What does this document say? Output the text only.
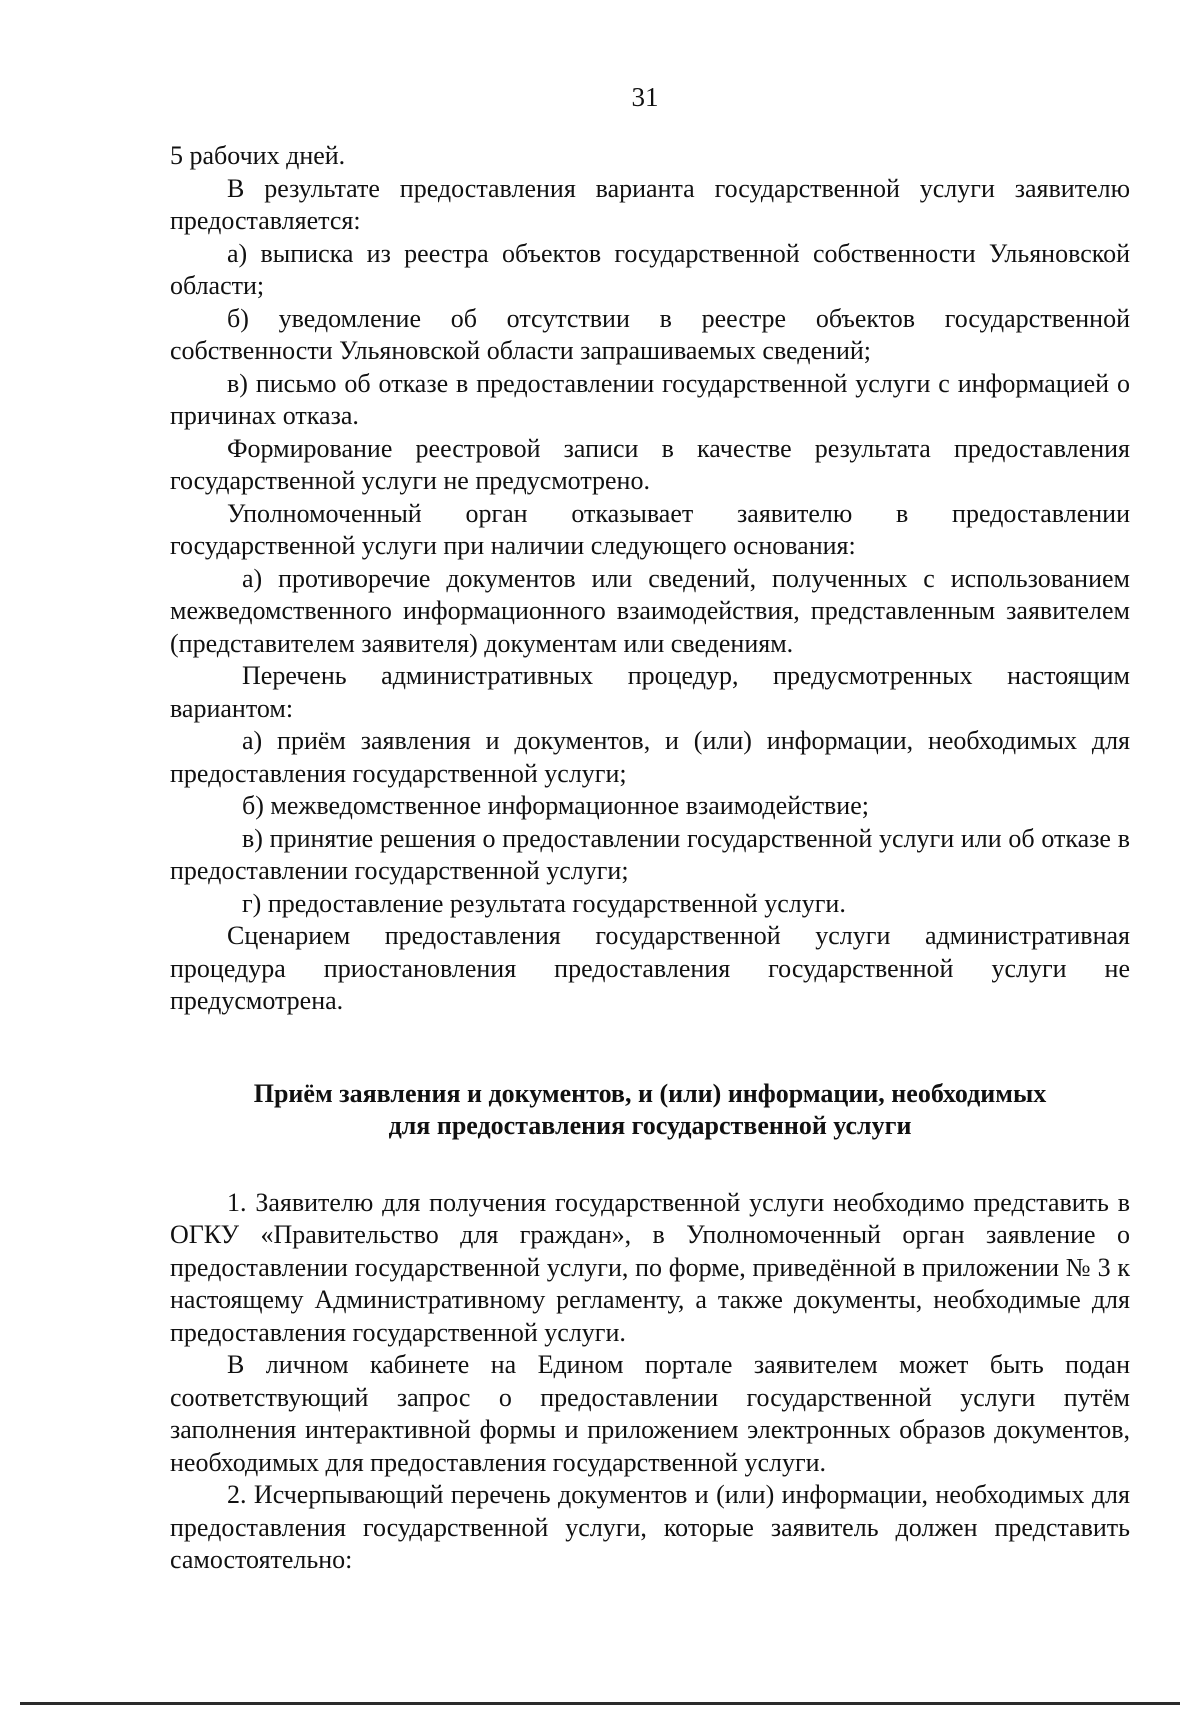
31

5 рабочих дней.

В результате предоставления варианта государственной услуги заявителю предоставляется:

а) выписка из реестра объектов государственной собственности Ульяновской области;

б) уведомление об отсутствии в реестре объектов государственной собственности Ульяновской области запрашиваемых сведений;

в) письмо об отказе в предоставлении государственной услуги с информацией о причинах отказа.

Формирование реестровой записи в качестве результата предоставления государственной услуги не предусмотрено.

Уполномоченный орган отказывает заявителю в предоставлении государственной услуги при наличии следующего основания:

а) противоречие документов или сведений, полученных с использованием межведомственного информационного взаимодействия, представленным заявителем (представителем заявителя) документам или сведениям.

Перечень административных процедур, предусмотренных настоящим вариантом:

а) приём заявления и документов, и (или) информации, необходимых для предоставления государственной услуги;

б) межведомственное информационное взаимодействие;

в) принятие решения о предоставлении государственной услуги или об отказе в предоставлении государственной услуги;

г) предоставление результата государственной услуги.

Сценарием предоставления государственной услуги административная процедура приостановления предоставления государственной услуги не предусмотрена.

Приём заявления и документов, и (или) информации, необходимых
для предоставления государственной услуги

1. Заявителю для получения государственной услуги необходимо представить в ОГКУ «Правительство для граждан», в Уполномоченный орган заявление о предоставлении государственной услуги, по форме, приведённой в приложении № 3 к настоящему Административному регламенту, а также документы, необходимые для предоставления государственной услуги.

В личном кабинете на Едином портале заявителем может быть подан соответствующий запрос о предоставлении государственной услуги путём заполнения интерактивной формы и приложением электронных образов документов, необходимых для предоставления государственной услуги.

2. Исчерпывающий перечень документов и (или) информации, необходимых для предоставления государственной услуги, которые заявитель должен представить самостоятельно:
